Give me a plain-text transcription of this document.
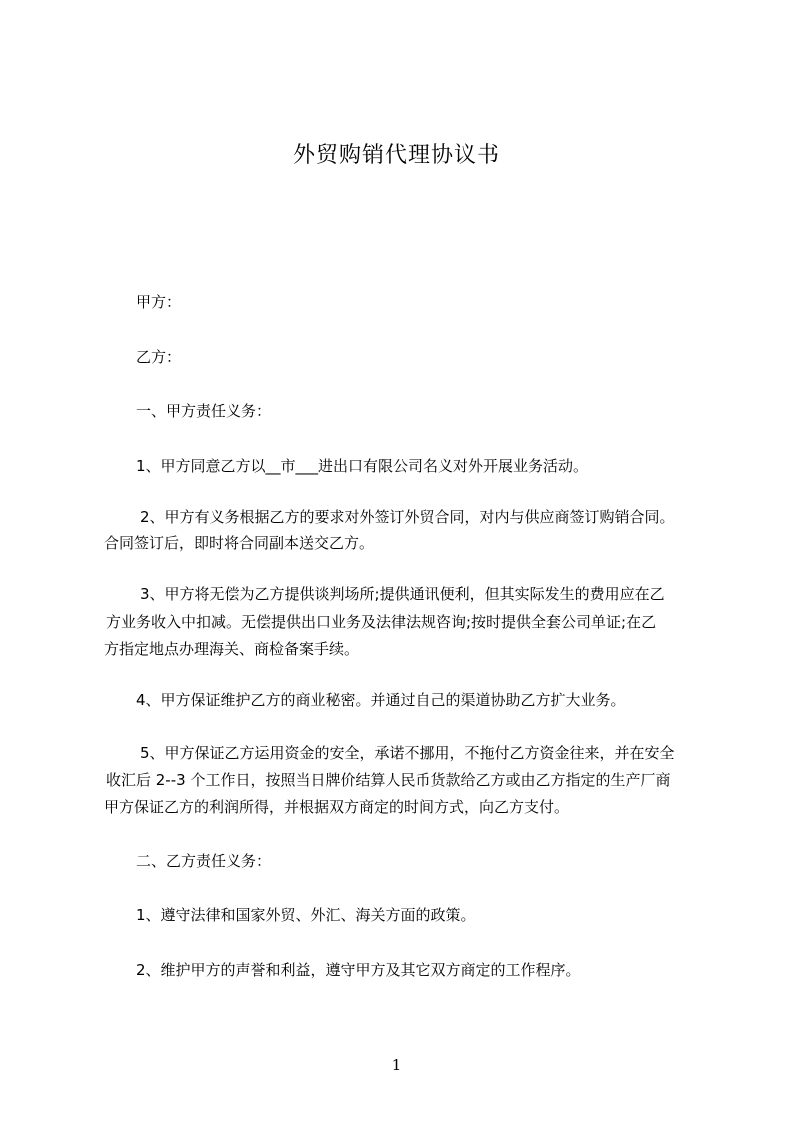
外贸购销代理协议书
甲方：
乙方：
一、甲方责任义务：
1、甲方同意乙方以__市___进出口有限公司名义对外开展业务活动。
2、甲方有义务根据乙方的要求对外签订外贸合同，对内与供应商签订购销合同。
合同签订后，即时将合同副本送交乙方。
3、甲方将无偿为乙方提供谈判场所;提供通讯便利，但其实际发生的费用应在乙
方业务收入中扣减。无偿提供出口业务及法律法规咨询;按时提供全套公司单证;在乙
方指定地点办理海关、商检备案手续。
4、甲方保证维护乙方的商业秘密。并通过自己的渠道协助乙方扩大业务。
5、甲方保证乙方运用资金的安全，承诺不挪用，不拖付乙方资金往来，并在安全
收汇后 2--3 个工作日，按照当日牌价结算人民币货款给乙方或由乙方指定的生产厂商
甲方保证乙方的利润所得，并根据双方商定的时间方式，向乙方支付。
二、乙方责任义务：
1、遵守法律和国家外贸、外汇、海关方面的政策。
2、维护甲方的声誉和利益，遵守甲方及其它双方商定的工作程序。
1
